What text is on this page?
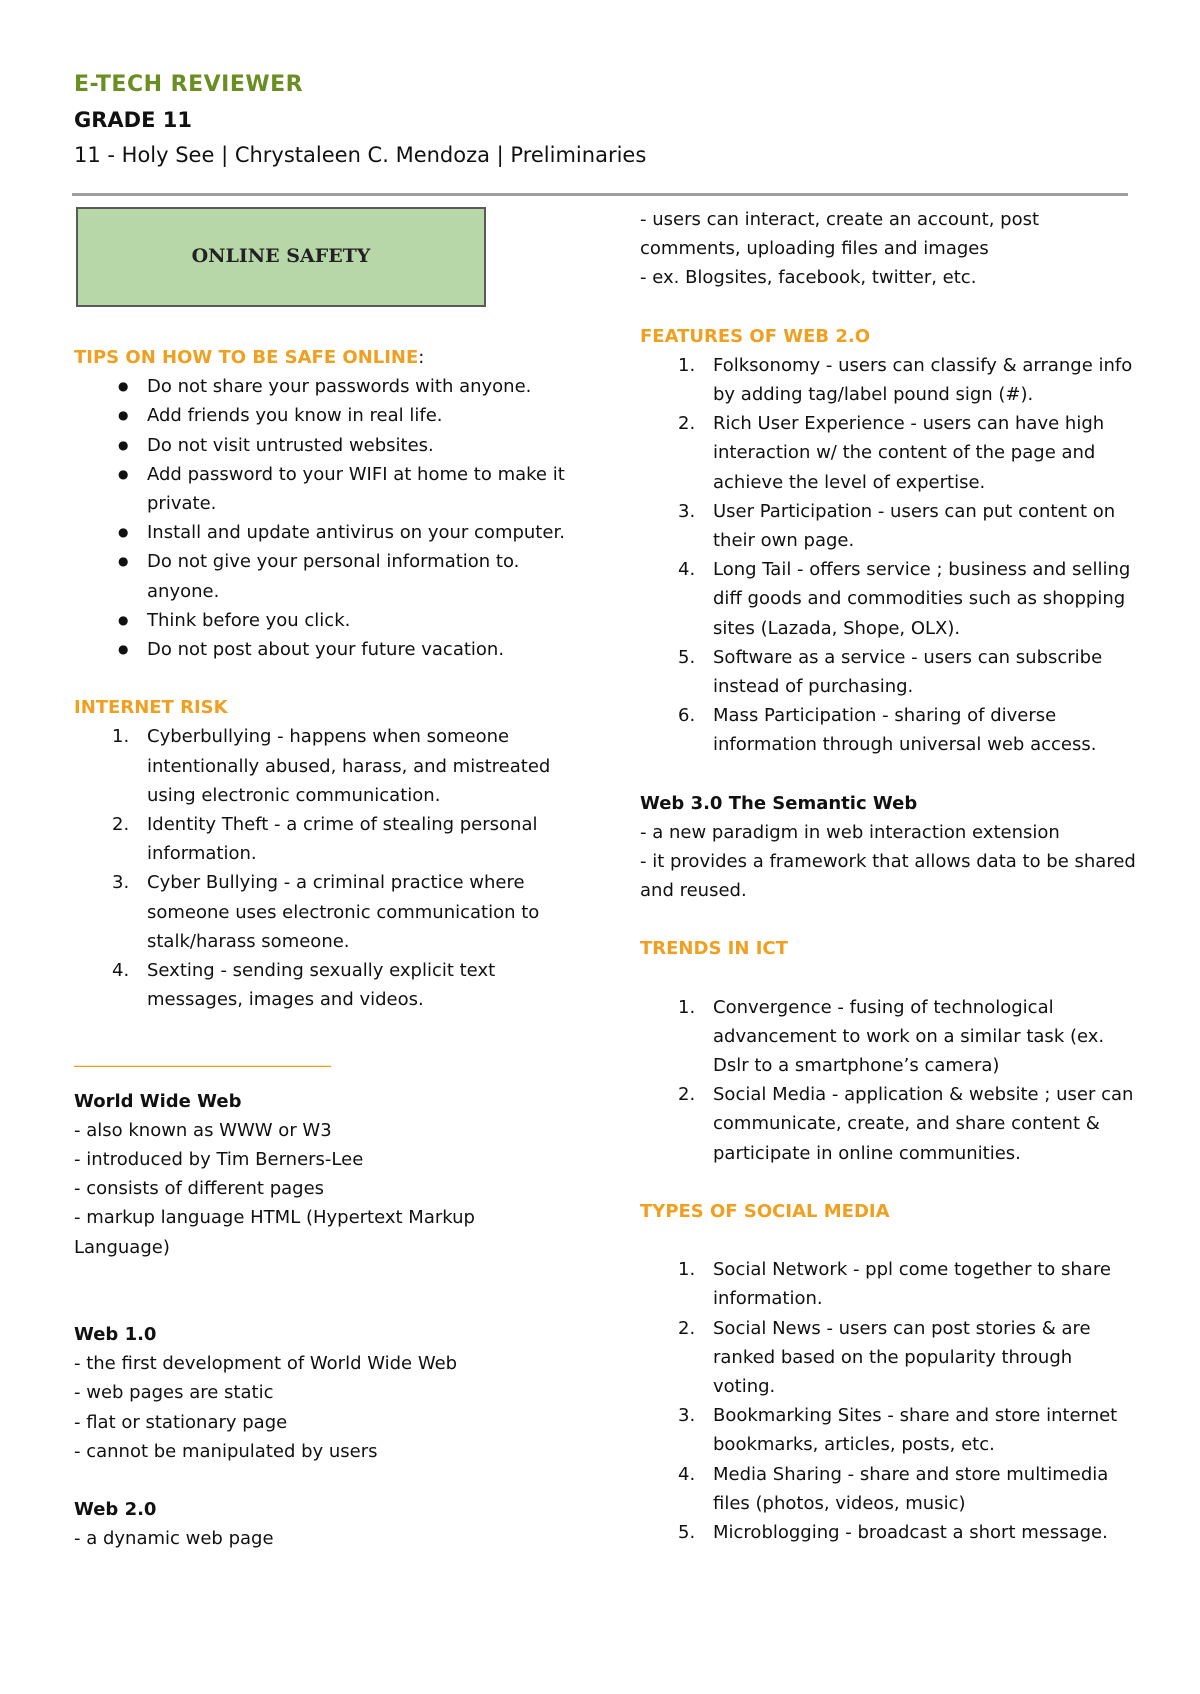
E-TECH REVIEWER
GRADE 11
11 - Holy See | Chrystaleen C. Mendoza | Preliminaries
ONLINE SAFETY
TIPS ON HOW TO BE SAFE ONLINE:
● Do not share your passwords with anyone.
● Add friends you know in real life.
● Do not visit untrusted websites.
● Add password to your WIFI at home to make it private.
● Install and update antivirus on your computer.
● Do not give your personal information to. anyone.
● Think before you click.
● Do not post about your future vacation.
INTERNET RISK
1. Cyberbullying - happens when someone intentionally abused, harass, and mistreated using electronic communication.
2. Identity Theft - a crime of stealing personal information.
3. Cyber Bullying - a criminal practice where someone uses electronic communication to stalk/harass someone.
4. Sexting - sending sexually explicit text messages, images and videos.
________________________________
World Wide Web
- also known as WWW or W3
- introduced by Tim Berners-Lee
- consists of different pages
- markup language HTML (Hypertext Markup Language)
Web 1.0
- the first development of World Wide Web
- web pages are static
- flat or stationary page
- cannot be manipulated by users
Web 2.0
- a dynamic web page
- users can interact, create an account, post comments, uploading files and images
- ex. Blogsites, facebook, twitter, etc.
FEATURES OF WEB 2.O
1. Folksonomy - users can classify & arrange info by adding tag/label pound sign (#).
2. Rich User Experience - users can have high interaction w/ the content of the page and achieve the level of expertise.
3. User Participation - users can put content on their own page.
4. Long Tail - offers service ; business and selling diff goods and commodities such as shopping sites (Lazada, Shope, OLX).
5. Software as a service - users can subscribe instead of purchasing.
6. Mass Participation - sharing of diverse information through universal web access.
Web 3.0 The Semantic Web
- a new paradigm in web interaction extension
- it provides a framework that allows data to be shared and reused.
TRENDS IN ICT
1. Convergence - fusing of technological advancement to work on a similar task (ex. Dslr to a smartphone’s camera)
2. Social Media - application & website ; user can communicate, create, and share content & participate in online communities.
TYPES OF SOCIAL MEDIA
1. Social Network - ppl come together to share information.
2. Social News - users can post stories & are ranked based on the popularity through voting.
3. Bookmarking Sites - share and store internet bookmarks, articles, posts, etc.
4. Media Sharing - share and store multimedia files (photos, videos, music)
5. Microblogging - broadcast a short message.
